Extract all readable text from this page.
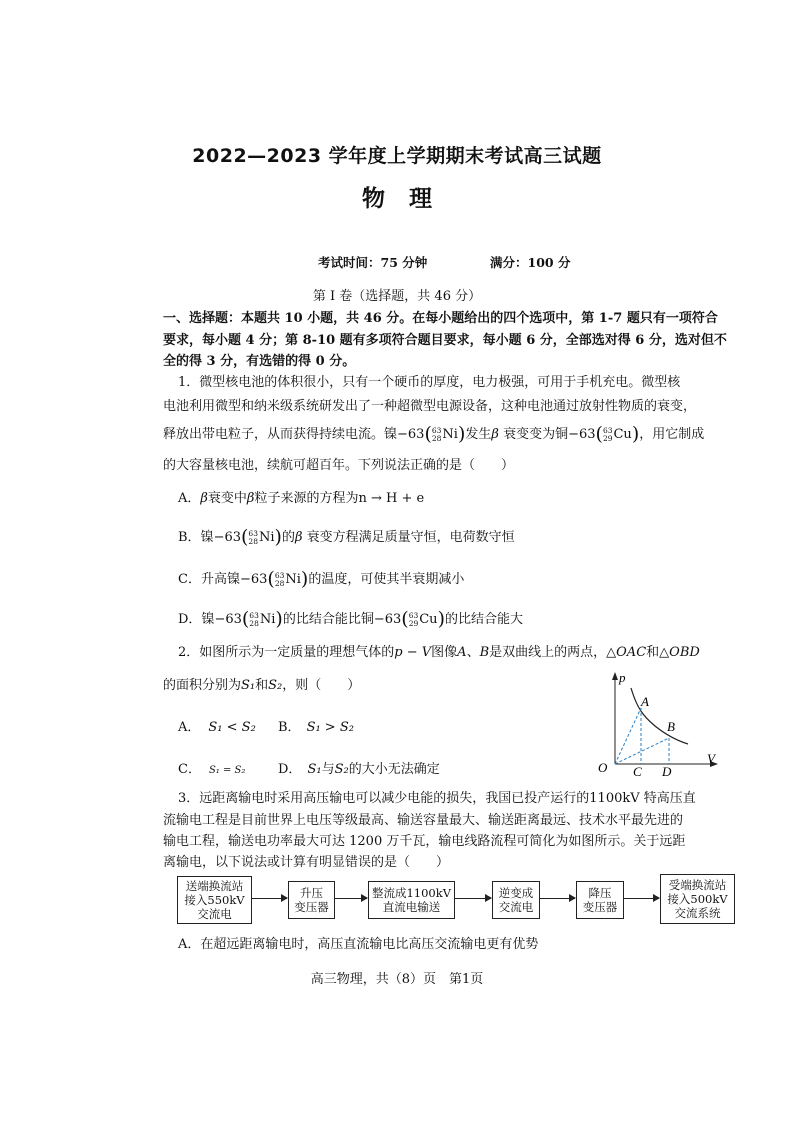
2022—2023 学年度上学期期末考试高三试题
物 理
考试时间：75 分钟	满分：100 分
第 Ⅰ 卷（选择题，共 46 分）
一、选择题：本题共 10 小题，共 46 分。在每小题给出的四个选项中，第 1-7 题只有一项符合要求，每小题 4 分；第 8-10 题有多项符合题目要求，每小题 6 分，全部选对得 6 分，选对但不全的得 3 分，有选错的得 0 分。
1．微型核电池的体积很小，只有一个硬币的厚度，电力极强，可用于手机充电。微型核
电池利用微型和纳米级系统研发出了一种超微型电源设备，这种电池通过放射性物质的衰变，
释放出带电粒子，从而获得持续电流。镍−63(63
28Ni)发生β 衰变变为铜−63(63
29Cu)，用它制成
的大容量核电池，续航可超百年。下列说法正确的是（　　）
A．β衰变中β粒子来源的方程为n → H + e
B．镍−63(63
28Ni)的β 衰变方程满足质量守恒，电荷数守恒
C．升高镍−63(63
28Ni)的温度，可使其半衰期减小
D．镍−63(63
28Ni)的比结合能比铜−63(63
29Cu)的比结合能大
2．如图所示为一定质量的理想气体的p − V图像A、B是双曲线上的两点，△OAC和△OBD
的面积分别为S₁和S₂，则（　　）
A． S₁ < S₂ B． S₁ > S₂
C． S₁ = S₂	D． S₁与S₂的大小无法确定
p
V
O
A
B
C D
3．远距离输电时采用高压输电可以减少电能的损失，我国已投产运行的1100kV 特高压直
流输电工程是目前世界上电压等级最高、输送容量最大、输送距离最远、技术水平最先进的
输电工程，输送电功率最大可达 1200 万千瓦，输电线路流程可简化为如图所示。关于远距
离输电，以下说法或计算有明显错误的是（　　）
送端换流站
接入550kV
交流电
升压
变压器
整流成1100kV
直流电输送
逆变成
交流电
降压
变压器
受端换流站
接入500kV
交流系统
A．在超远距离输电时，高压直流输电比高压交流输电更有优势
高三物理，共（8）页　第1页
